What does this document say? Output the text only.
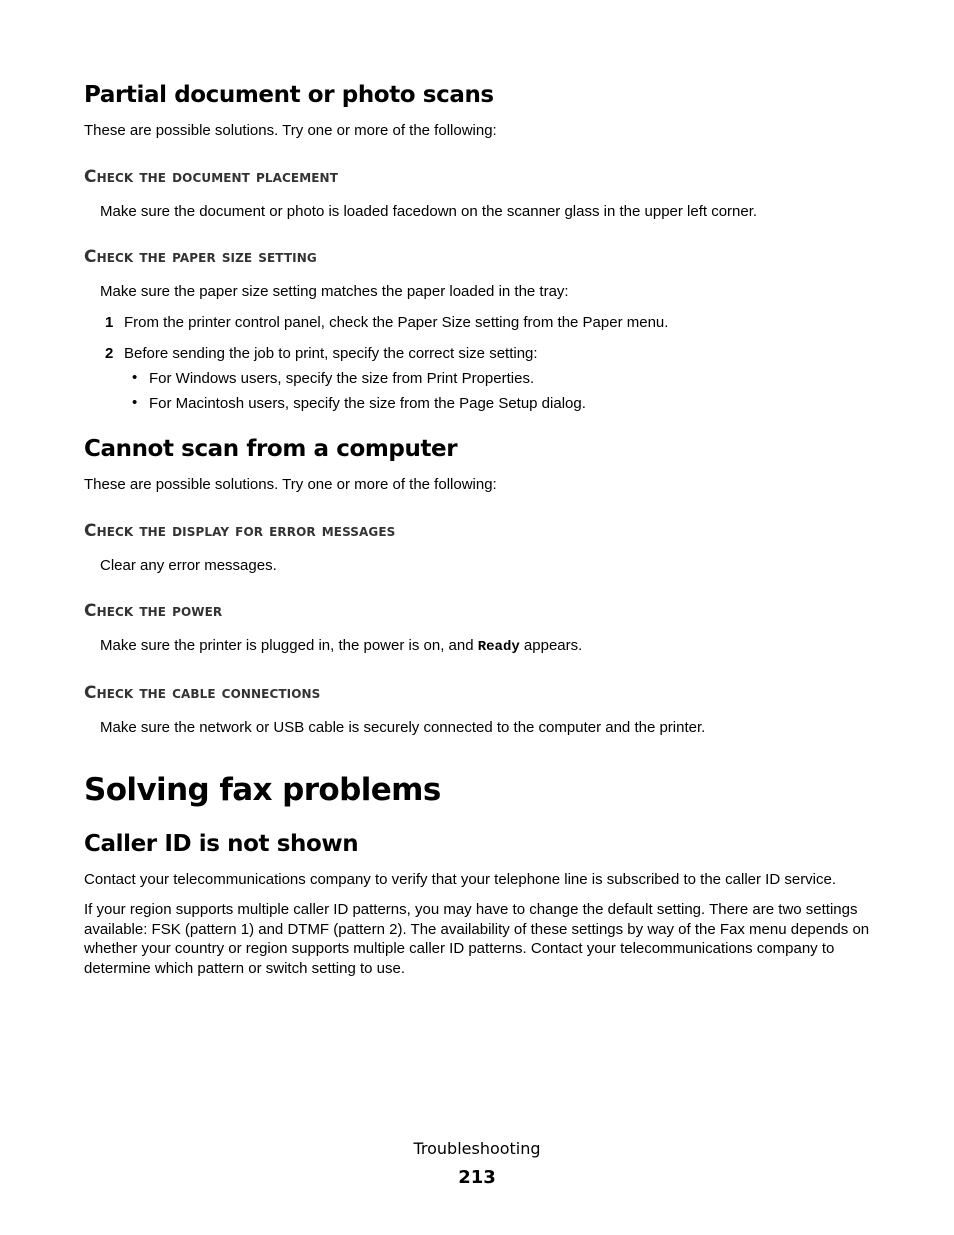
Partial document or photo scans

These are possible solutions. Try one or more of the following:

Check the document placement

Make sure the document or photo is loaded facedown on the scanner glass in the upper left corner.

Check the paper size setting

Make sure the paper size setting matches the paper loaded in the tray:

1 From the printer control panel, check the Paper Size setting from the Paper menu.

2 Before sending the job to print, specify the correct size setting:

• For Windows users, specify the size from Print Properties.

• For Macintosh users, specify the size from the Page Setup dialog.

Cannot scan from a computer

These are possible solutions. Try one or more of the following:

Check the display for error messages

Clear any error messages.

Check the power

Make sure the printer is plugged in, the power is on, and Ready appears.

Check the cable connections

Make sure the network or USB cable is securely connected to the computer and the printer.

Solving fax problems
Caller ID is not shown

Contact your telecommunications company to verify that your telephone line is subscribed to the caller ID service.

If your region supports multiple caller ID patterns, you may have to change the default setting. There are two settings available: FSK (pattern 1) and DTMF (pattern 2). The availability of these settings by way of the Fax menu depends on whether your country or region supports multiple caller ID patterns. Contact your telecommunications company to determine which pattern or switch setting to use.

Troubleshooting
213
